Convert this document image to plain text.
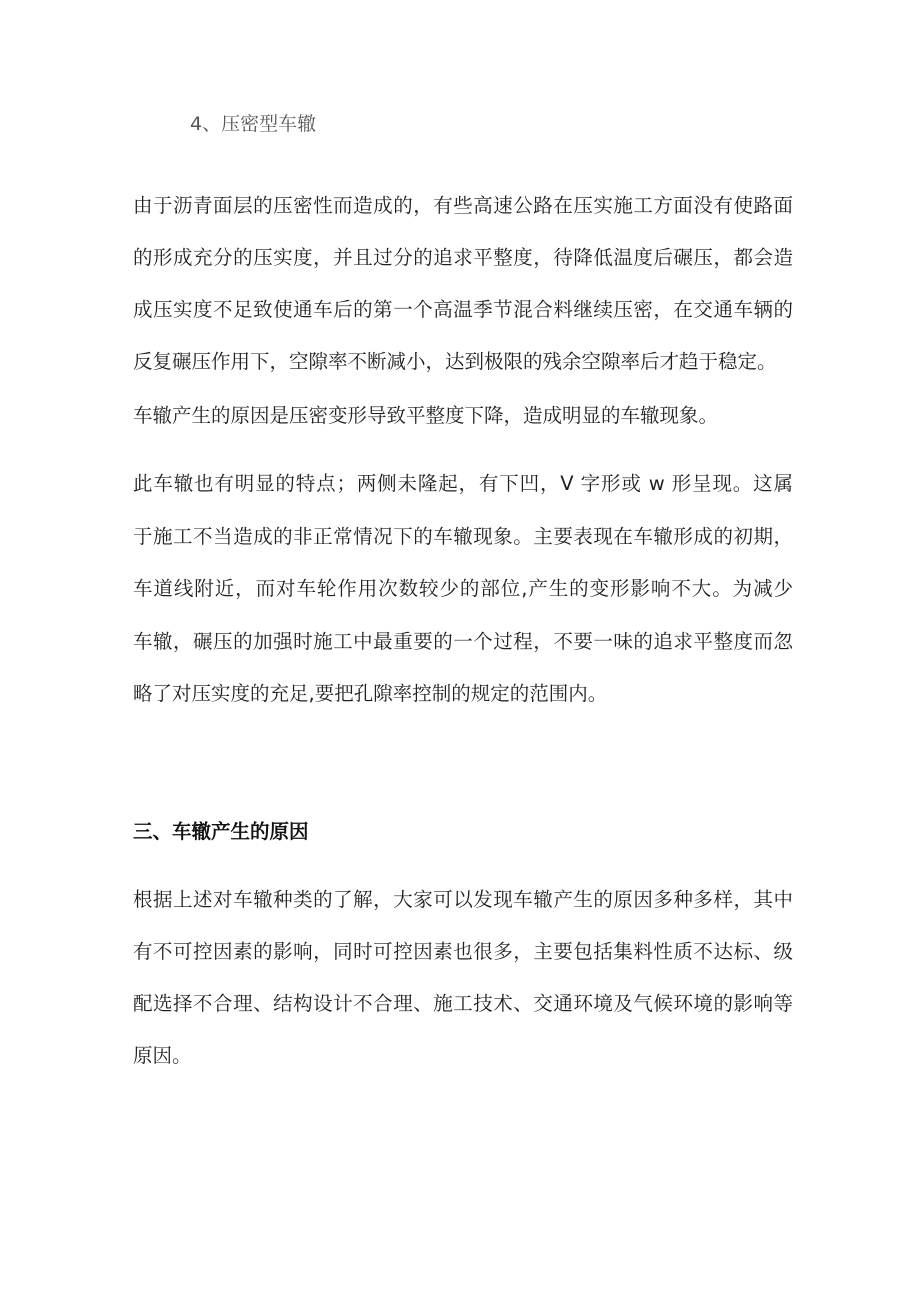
4、压密型车辙
由于沥青面层的压密性而造成的，有些高速公路在压实施工方面没有使路面
的形成充分的压实度，并且过分的追求平整度，待降低温度后碾压，都会造
成压实度不足致使通车后的第一个高温季节混合料继续压密，在交通车辆的
反复碾压作用下，空隙率不断减小，达到极限的残余空隙率后才趋于稳定。
车辙产生的原因是压密变形导致平整度下降，造成明显的车辙现象。
此车辙也有明显的特点；两侧未隆起，有下凹，V 字形或 w 形呈现。这属
于施工不当造成的非正常情况下的车辙现象。主要表现在车辙形成的初期，
车道线附近，而对车轮作用次数较少的部位,产生的变形影响不大。为减少
车辙，碾压的加强时施工中最重要的一个过程，不要一味的追求平整度而忽
略了对压实度的充足,要把孔隙率控制的规定的范围内。
三、车辙产生的原因
根据上述对车辙种类的了解，大家可以发现车辙产生的原因多种多样，其中
有不可控因素的影响，同时可控因素也很多，主要包括集料性质不达标、级
配选择不合理、结构设计不合理、施工技术、交通环境及气候环境的影响等
原因。
